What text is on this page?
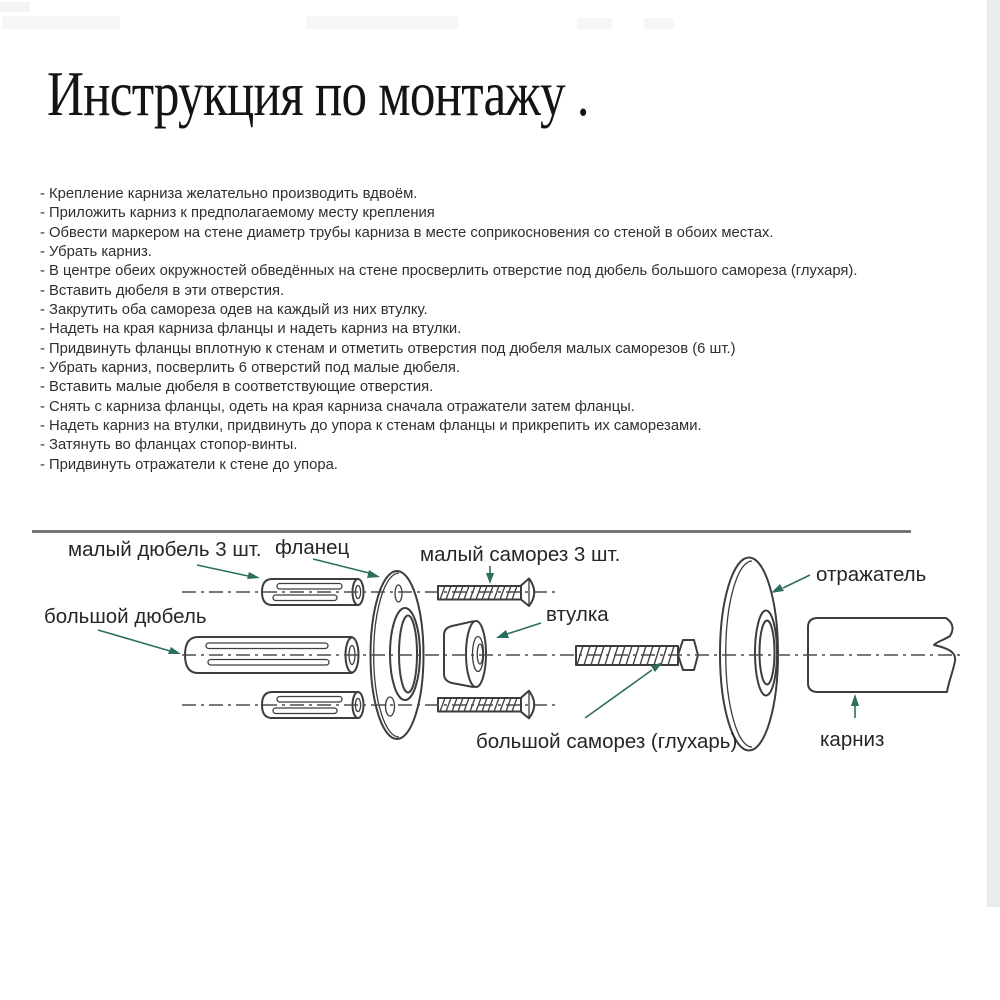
Инструкция по монтажу .
- Крепление карниза желательно производить вдвоём.
- Приложить карниз к предполагаемому месту крепления
- Обвести маркером на стене диаметр трубы карниза в месте соприкосновения со стеной в обоих местах.
- Убрать карниз.
- В центре обеих окружностей обведённых на стене просверлить отверстие под дюбель большого самореза (глухаря).
- Вставить дюбеля в эти отверстия.
- Закрутить оба самореза одев на каждый из них втулку.
- Надеть на края карниза фланцы и надеть карниз на втулки.
- Придвинуть фланцы вплотную к стенам и отметить отверстия под дюбеля малых саморезов (6 шт.)
- Убрать карниз, посверлить 6 отверстий под малые дюбеля.
- Вставить малые дюбеля в соответствующие отверстия.
- Снять с карниза фланцы, одеть на края карниза сначала отражатели затем фланцы.
- Надеть карниз на втулки, придвинуть до упора к стенам фланцы и прикрепить их саморезами.
- Затянуть во фланцах стопор-винты.
- Придвинуть отражатели к стене до упора.
малый дюбель 3 шт. фланец	малый саморез 3 шт.
отражатель
большой дюбель	втулка
большой саморез (глухарь)	карниз
